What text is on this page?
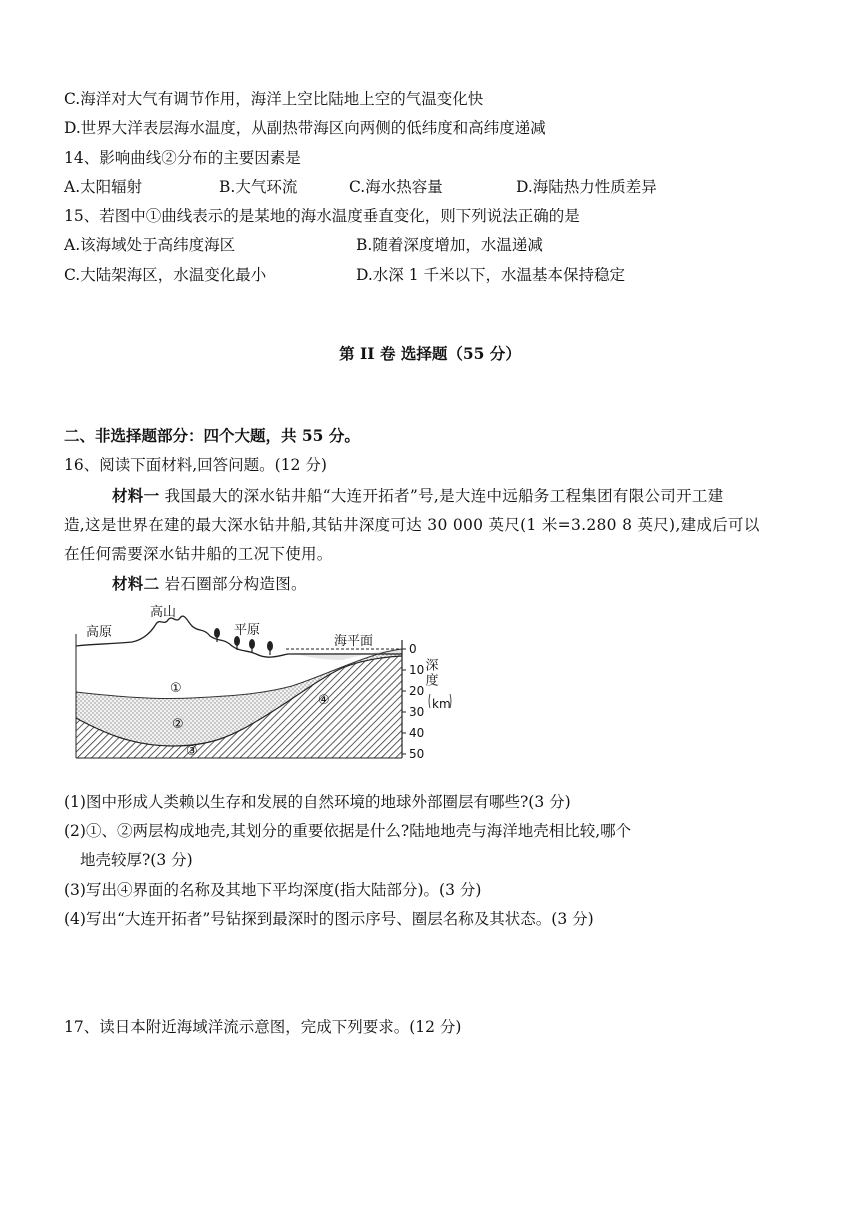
C.海洋对大气有调节作用，海洋上空比陆地上空的气温变化快
D.世界大洋表层海水温度，从副热带海区向两侧的低纬度和高纬度递减
14、影响曲线②分布的主要因素是
A.太阳辐射	B.大气环流	C.海水热容量	D.海陆热力性质差异
15、若图中①曲线表示的是某地的海水温度垂直变化，则下列说法正确的是
A.该海域处于高纬度海区	B.随着深度增加，水温递减
C.大陆架海区，水温变化最小	D.水深 1 千米以下，水温基本保持稳定
第 II 卷 选择题（55 分）
二、非选择题部分：四个大题，共 55 分。
16、阅读下面材料,回答问题。(12 分)
材料一 我国最大的深水钻井船“大连开拓者”号,是大连中远船务工程集团有限公司开工建
造,这是世界在建的最大深水钻井船,其钻井深度可达 30 000 英尺(1 米=3.280 8 英尺),建成后可以
在任何需要深水钻井船的工况下使用。
材料二 岩石圈部分构造图。
0
10
20
30
40
50
深度
km
高原
高山
平原
海平面
①
②
③
④
(1)图中形成人类赖以生存和发展的自然环境的地球外部圈层有哪些?(3 分)
(2)①、②两层构成地壳,其划分的重要依据是什么?陆地地壳与海洋地壳相比较,哪个
地壳较厚?(3 分)
(3)写出④界面的名称及其地下平均深度(指大陆部分)。(3 分)
(4)写出“大连开拓者”号钻探到最深时的图示序号、圈层名称及其状态。(3 分)
17、读日本附近海域洋流示意图，完成下列要求。(12 分)
